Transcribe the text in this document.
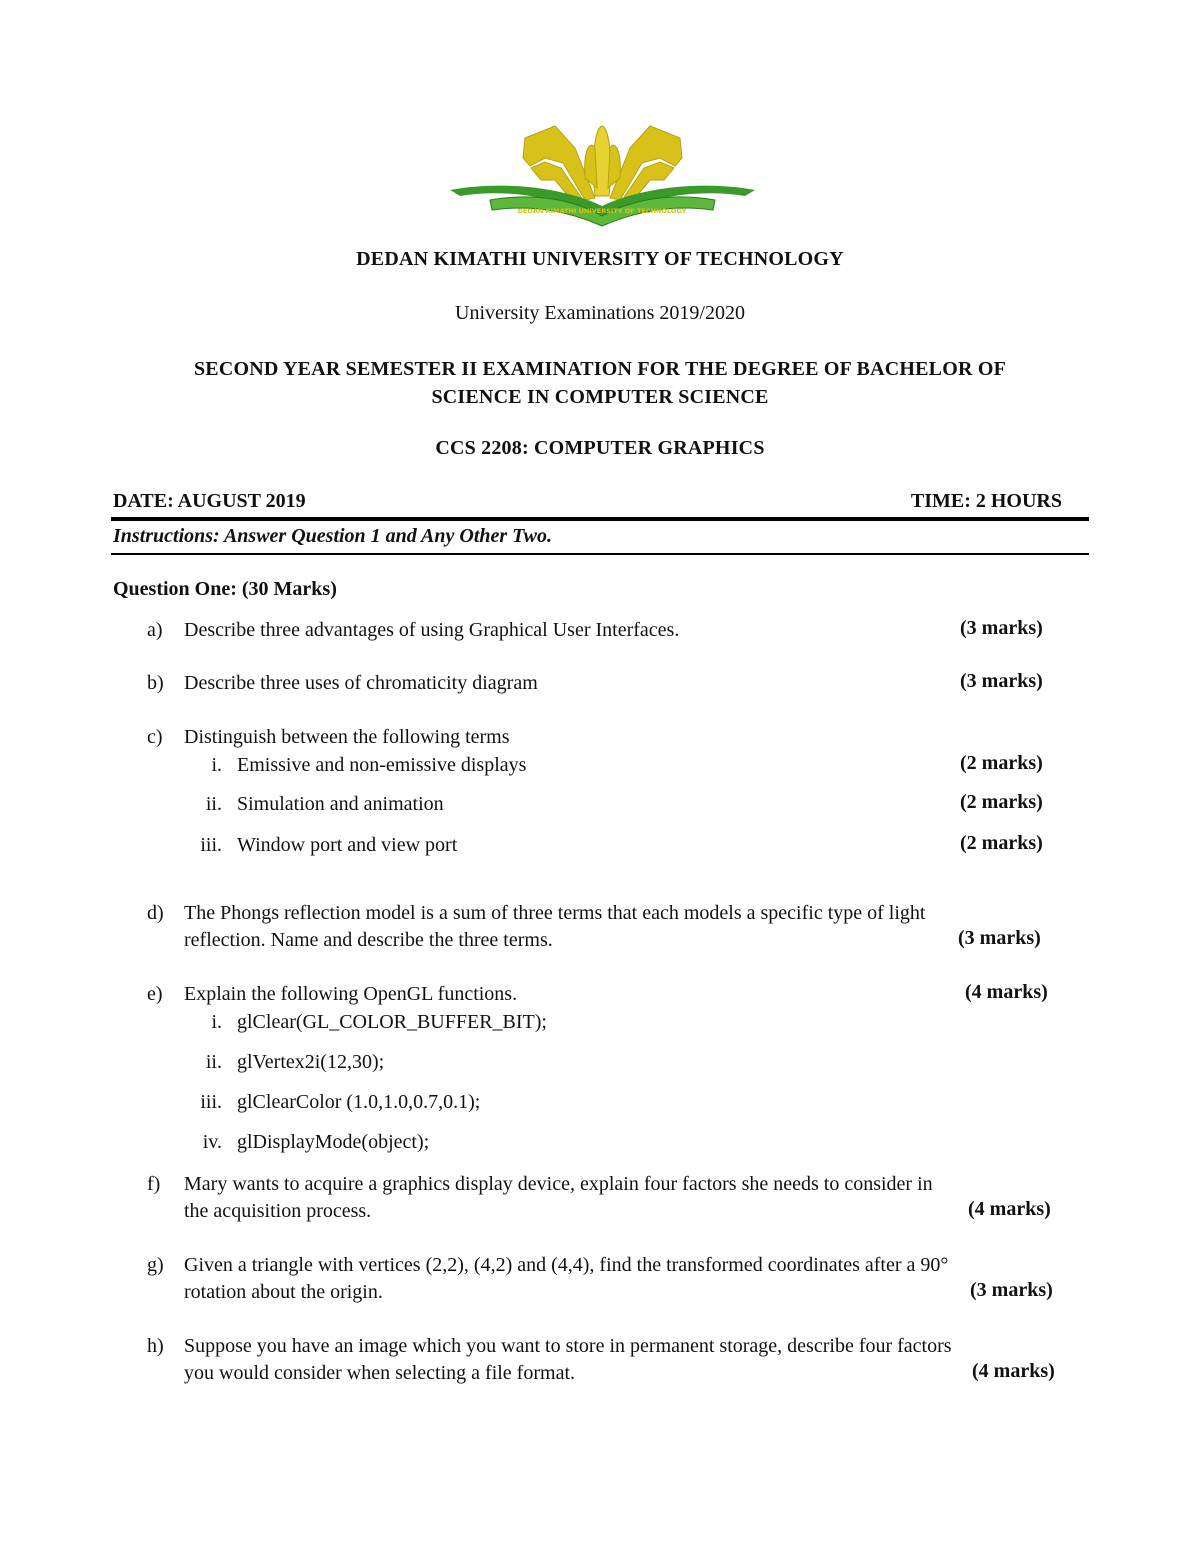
DEDAN KIMATHI UNIVERSITY OF TECHNOLOGY
DEDAN KIMATHI UNIVERSITY OF TECHNOLOGY
University Examinations 2019/2020
SECOND YEAR SEMESTER II EXAMINATION FOR THE DEGREE OF BACHELOR OF
SCIENCE IN COMPUTER SCIENCE
CCS 2208: COMPUTER GRAPHICS
DATE: AUGUST 2019	TIME: 2 HOURS
Instructions: Answer Question 1 and Any Other Two.
Question One: (30 Marks)
a) Describe three advantages of using Graphical User Interfaces.	(3 marks)
b) Describe three uses of chromaticity diagram	(3 marks)
c) Distinguish between the following terms
i. Emissive and non-emissive displays	(2 marks)
ii. Simulation and animation	(2 marks)
iii. Window port and view port	(2 marks)
d) The Phongs reflection model is a sum of three terms that each models a specific type of light
reflection. Name and describe the three terms.	(3 marks)
e) Explain the following OpenGL functions.	(4 marks)
i. glClear(GL_COLOR_BUFFER_BIT);
ii. glVertex2i(12,30);
iii. glClearColor (1.0,1.0,0.7,0.1);
iv. glDisplayMode(object);
f) Mary wants to acquire a graphics display device, explain four factors she needs to consider in
the acquisition process.	(4 marks)
g) Given a triangle with vertices (2,2), (4,2) and (4,4), find the transformed coordinates after a 90°
rotation about the origin.	(3 marks)
h) Suppose you have an image which you want to store in permanent storage, describe four factors
you would consider when selecting a file format.	(4 marks)
